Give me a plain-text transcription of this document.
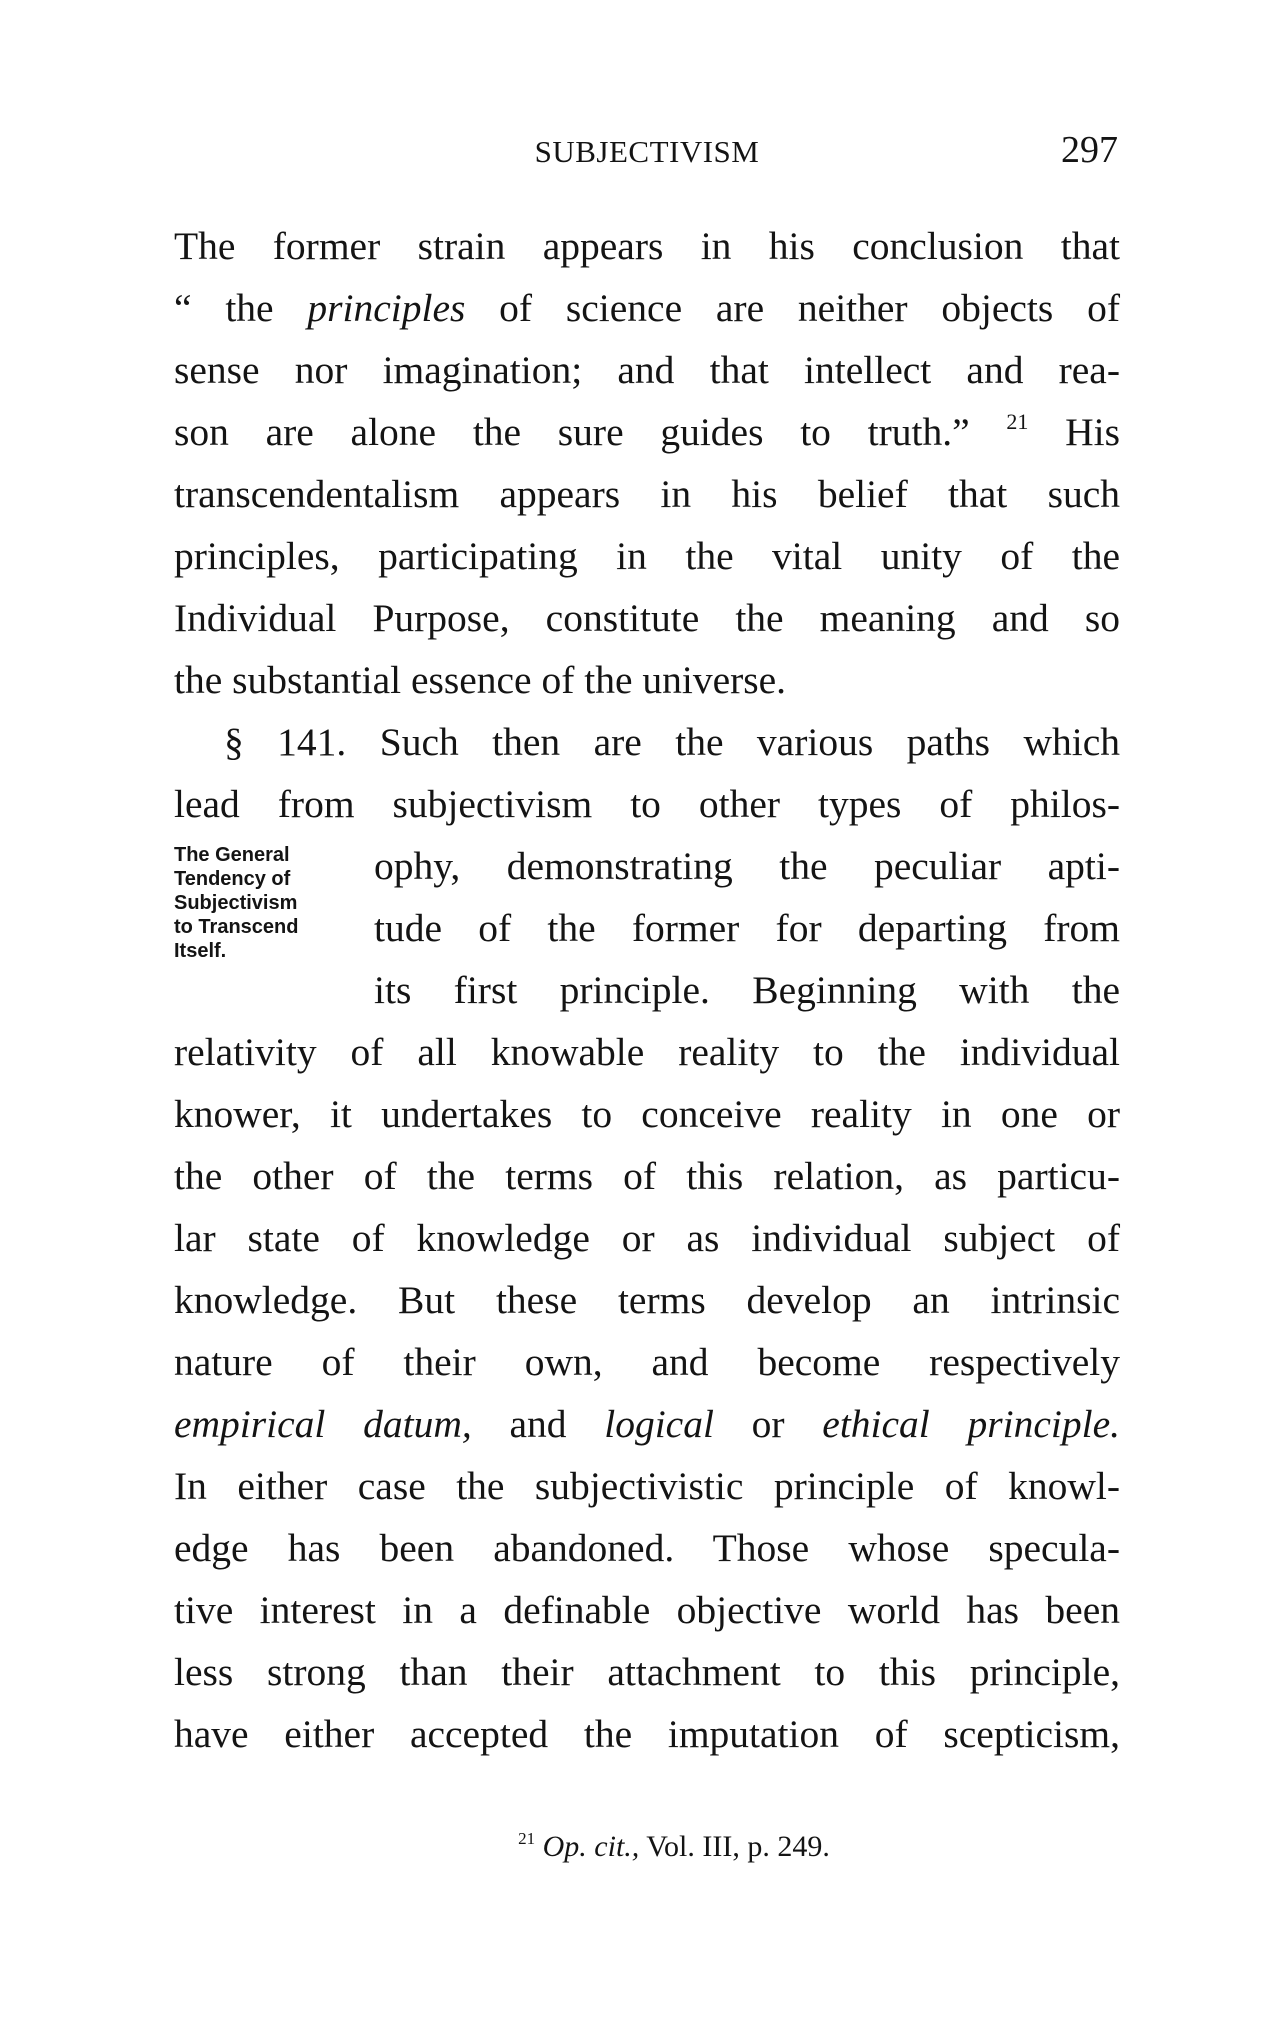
SUBJECTIVISM	297
The former strain appears in his conclusion that
“ the principles of science are neither objects of
sense nor imagination; and that intellect and rea-
son are alone the sure guides to truth.” $^{21}$ His
transcendentalism appears in his belief that such
principles, participating in the vital unity of the
Individual Purpose, constitute the meaning and so
the substantial essence of the universe.
§ 141. Such then are the various paths which
lead from subjectivism to other types of philos-
The General
Tendency of
Subjectivism
to Transcend
Itself.
ophy, demonstrating the peculiar apti-
tude of the former for departing from
its first principle. Beginning with the
relativity of all knowable reality to the individual
knower, it undertakes to conceive reality in one or
the other of the terms of this relation, as particu-
lar state of knowledge or as individual subject of
knowledge. But these terms develop an intrinsic
nature of their own, and become respectively
empirical datum, and logical or ethical principle.
In either case the subjectivistic principle of knowl-
edge has been abandoned. Those whose specula-
tive interest in a definable objective world has been
less strong than their attachment to this principle,
have either accepted the imputation of scepticism,
$^{21}$ Op. cit., Vol. III, p. 249.
